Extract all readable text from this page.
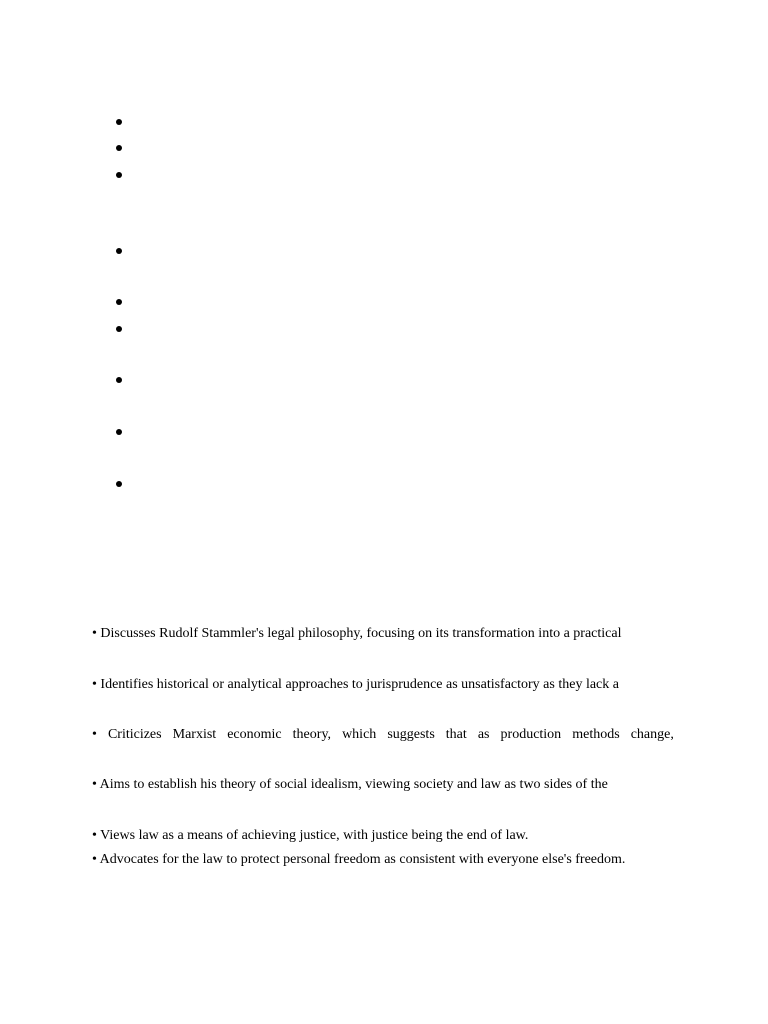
• Discusses Rudolf Stammler's legal philosophy, focusing on its transformation into a practical
• Identifies historical or analytical approaches to jurisprudence as unsatisfactory as they lack a
• Criticizes Marxist economic theory, which suggests that as production methods change,
• Aims to establish his theory of social idealism, viewing society and law as two sides of the
• Views law as a means of achieving justice, with justice being the end of law.
• Advocates for the law to protect personal freedom as consistent with everyone else's freedom.
